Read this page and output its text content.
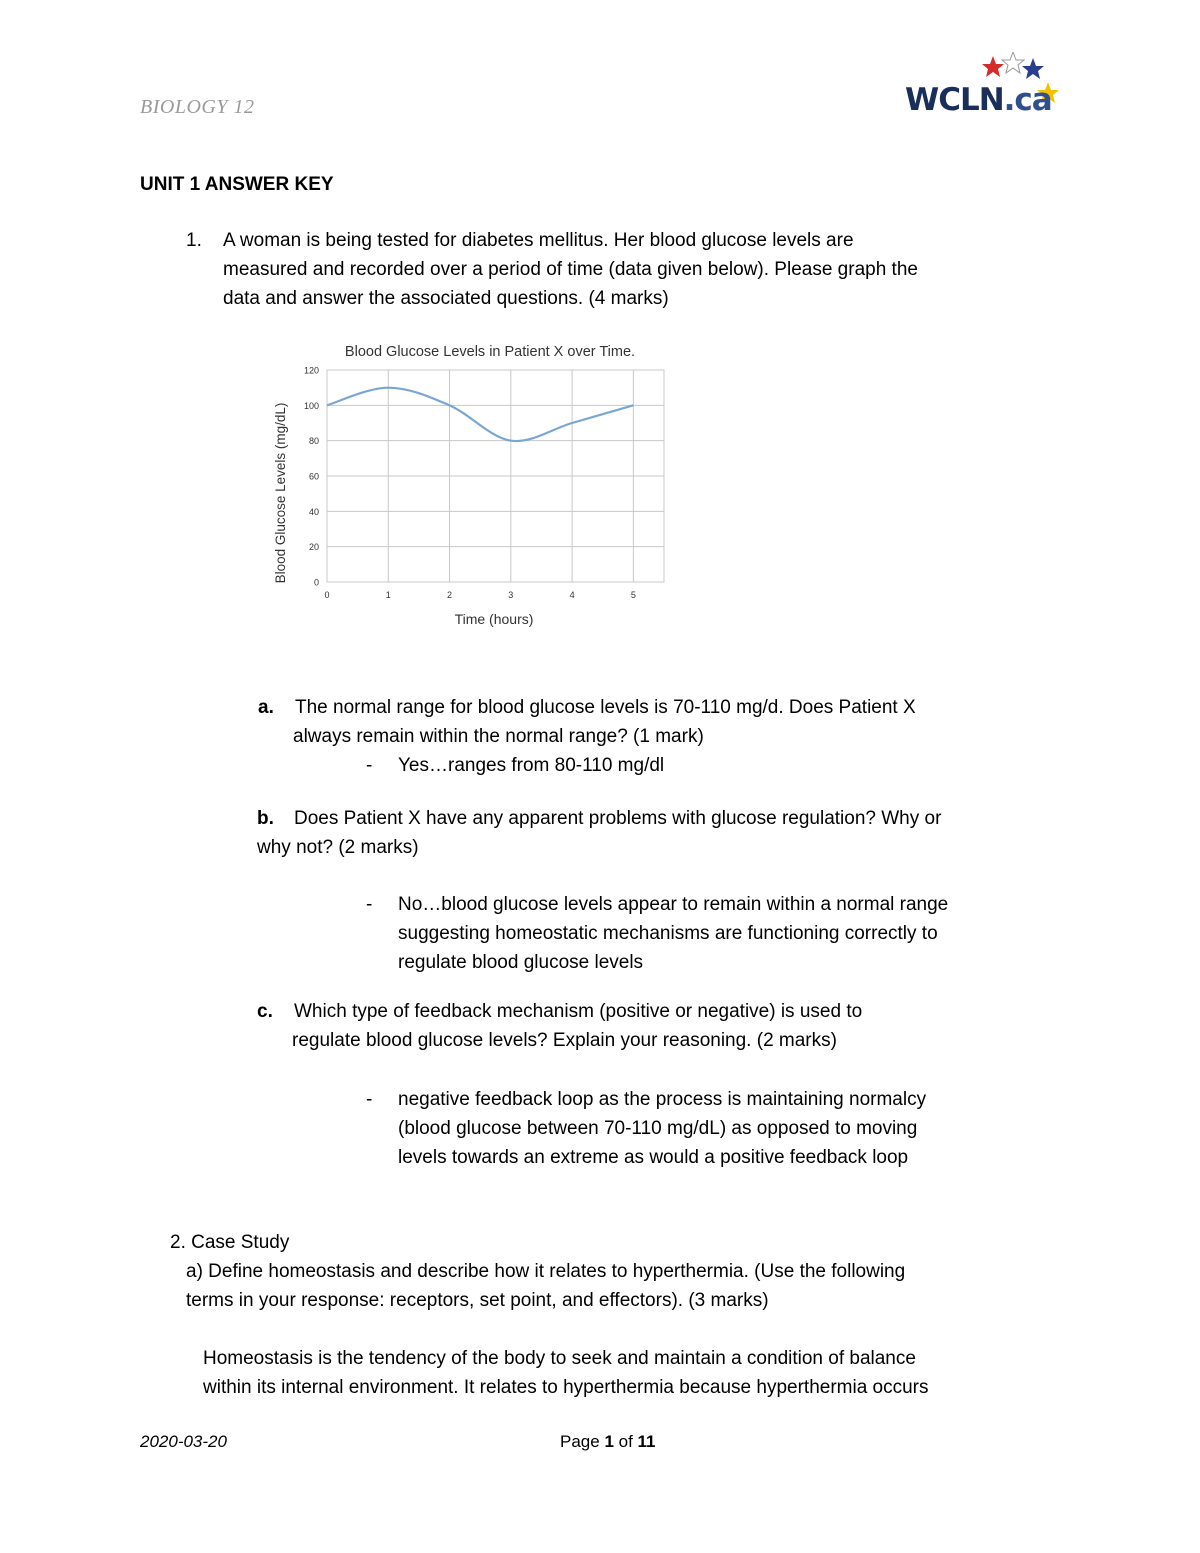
BIOLOGY 12	WCLN.ca
UNIT 1 ANSWER KEY
1. A woman is being tested for diabetes mellitus. Her blood glucose levels are
measured and recorded over a period of time (data given below). Please graph the
data and answer the associated questions. (4 marks)
Blood Glucose Levels in Patient X over Time.
Blood Glucose Levels (mg/dL)
Time (hours)
0
20
40
60
80
100
120
0	1	2	3	4	5
a. The normal range for blood glucose levels is 70-110 mg/d. Does Patient X
always remain within the normal range? (1 mark)
- Yes…ranges from 80-110 mg/dl
b. Does Patient X have any apparent problems with glucose regulation? Why or
why not? (2 marks)
- No…blood glucose levels appear to remain within a normal range
suggesting homeostatic mechanisms are functioning correctly to
regulate blood glucose levels
c. Which type of feedback mechanism (positive or negative) is used to
regulate blood glucose levels? Explain your reasoning. (2 marks)
- negative feedback loop as the process is maintaining normalcy
(blood glucose between 70-110 mg/dL) as opposed to moving
levels towards an extreme as would a positive feedback loop
2. Case Study
a) Define homeostasis and describe how it relates to hyperthermia. (Use the following
terms in your response: receptors, set point, and effectors). (3 marks)
Homeostasis is the tendency of the body to seek and maintain a condition of balance
within its internal environment. It relates to hyperthermia because hyperthermia occurs
2020-03-20	Page 1 of 11
